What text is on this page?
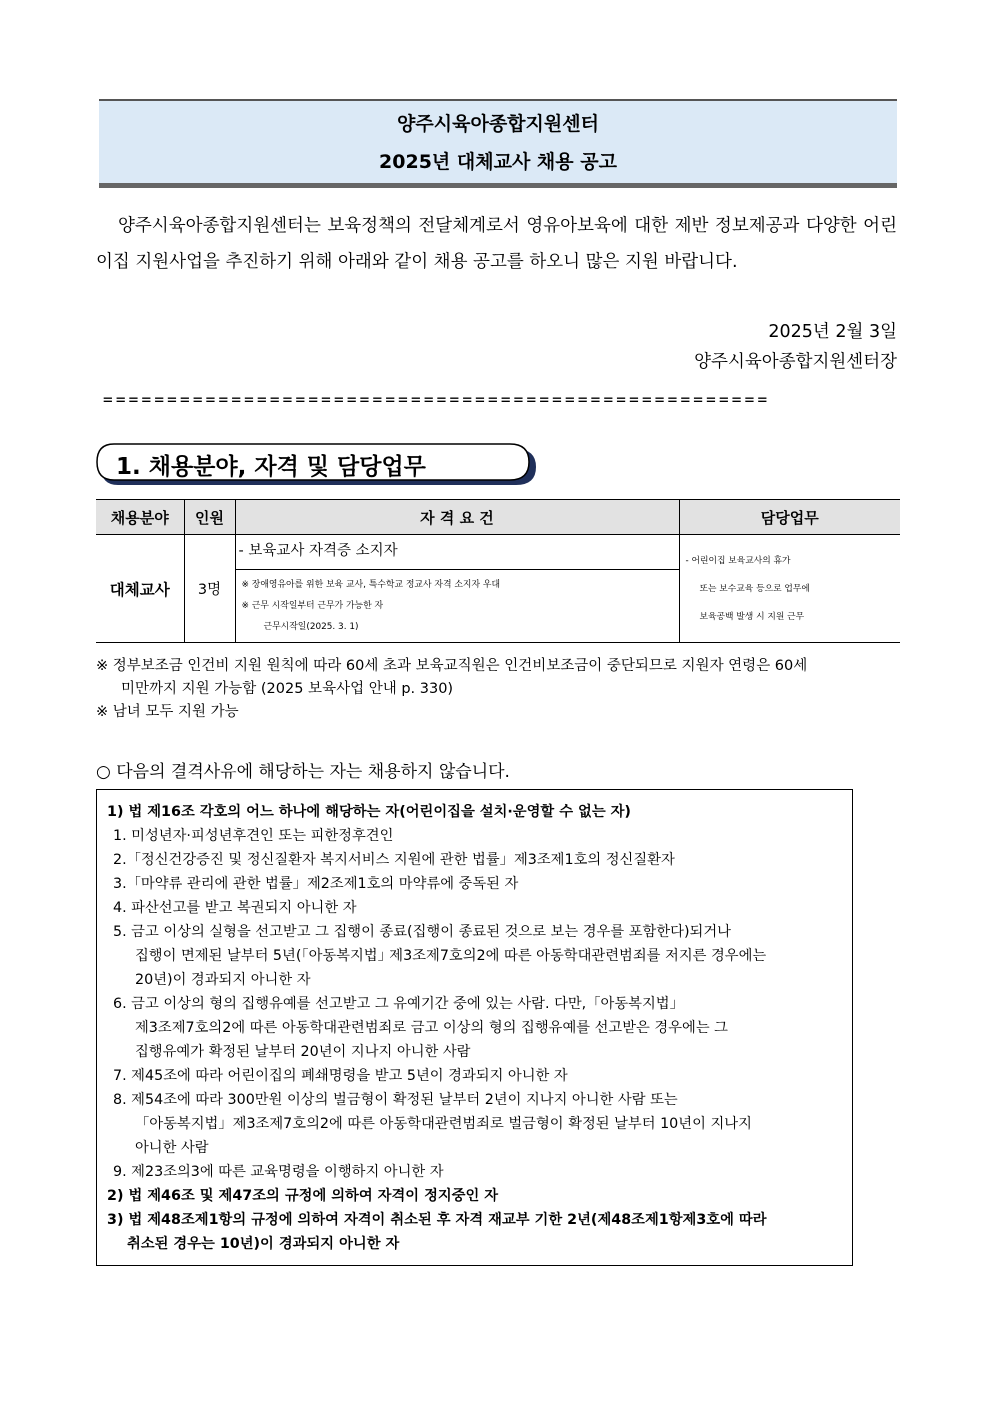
양주시육아종합지원센터
2025년 대체교사 채용 공고
양주시육아종합지원센터는 보육정책의 전달체계로서 영유아보육에 대한 제반 정보제공과 다양한 어린이집 지원사업을 추진하기 위해 아래와 같이 채용 공고를 하오니 많은 지원 바랍니다.
2025년 2월 3일
양주시육아종합지원센터장
====================================================
1. 채용분야, 자격 및 담당업무
채용분야	인원	자 격 요 건	담당업무
대체교사	3명	- 보육교사 자격증 소지자	- 어린이집 보육교사의 휴가
또는 보수교육 등으로 업무에
보육공백 발생 시 지원 근무

		※ 장애영유아를 위한 보육 교사, 특수학교 정교사 자격 소지자 우대
※ 근무 시작일부터 근무가 가능한 자
근무시작일(2025. 3. 1)	
※ 정부보조금 인건비 지원 원칙에 따라 60세 초과 보육교직원은 인건비보조금이 중단되므로 지원자 연령은 60세
미만까지 지원 가능함 (2025 보육사업 안내 p. 330)
※ 남녀 모두 지원 가능
○ 다음의 결격사유에 해당하는 자는 채용하지 않습니다.
1) 법 제16조 각호의 어느 하나에 해당하는 자(어린이집을 설치·운영할 수 없는 자)
1. 미성년자·피성년후견인 또는 피한정후견인
2.「정신건강증진 및 정신질환자 복지서비스 지원에 관한 법률」제3조제1호의 정신질환자
3.「마약류 관리에 관한 법률」제2조제1호의 마약류에 중독된 자
4. 파산선고를 받고 복권되지 아니한 자
5. 금고 이상의 실형을 선고받고 그 집행이 종료(집행이 종료된 것으로 보는 경우를 포함한다)되거나
집행이 면제된 날부터 5년(｢아동복지법｣ 제3조제7호의2에 따른 아동학대관련범죄를 저지른 경우에는
20년)이 경과되지 아니한 자
6. 금고 이상의 형의 집행유예를 선고받고 그 유예기간 중에 있는 사람. 다만,「아동복지법」
제3조제7호의2에 따른 아동학대관련범죄로 금고 이상의 형의 집행유예를 선고받은 경우에는 그
집행유예가 확정된 날부터 20년이 지나지 아니한 사람
7. 제45조에 따라 어린이집의 폐쇄명령을 받고 5년이 경과되지 아니한 자
8. 제54조에 따라 300만원 이상의 벌금형이 확정된 날부터 2년이 지나지 아니한 사람 또는
「아동복지법」제3조제7호의2에 따른 아동학대관련범죄로 벌금형이 확정된 날부터 10년이 지나지
아니한 사람
9. 제23조의3에 따른 교육명령을 이행하지 아니한 자
2) 법 제46조 및 제47조의 규정에 의하여 자격이 정지중인 자
3) 법 제48조제1항의 규정에 의하여 자격이 취소된 후 자격 재교부 기한 2년(제48조제1항제3호에 따라
취소된 경우는 10년)이 경과되지 아니한 자
